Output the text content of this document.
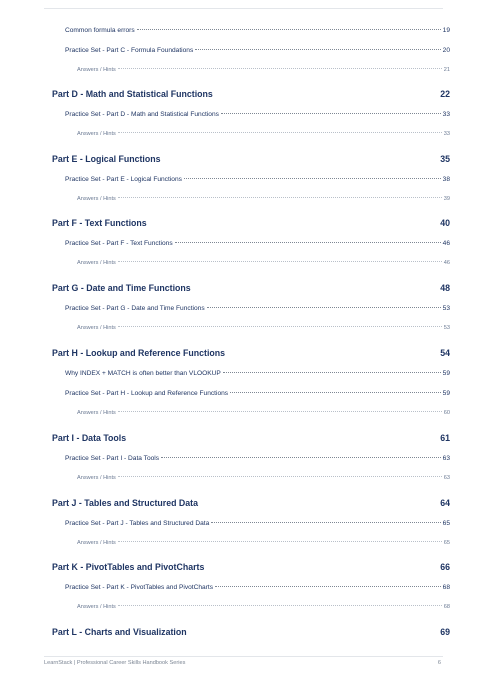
Common formula errors	19
Practice Set - Part C - Formula Foundations	20
Answers / Hints	21
Part D - Math and Statistical Functions	22
Practice Set - Part D - Math and Statistical Functions	33
Answers / Hints	33
Part E - Logical Functions	35
Practice Set - Part E - Logical Functions	38
Answers / Hints	39
Part F - Text Functions	40
Practice Set - Part F - Text Functions	46
Answers / Hints	46
Part G - Date and Time Functions	48
Practice Set - Part G - Date and Time Functions	53
Answers / Hints	53
Part H - Lookup and Reference Functions	54
Why INDEX + MATCH is often better than VLOOKUP	59
Practice Set - Part H - Lookup and Reference Functions	59
Answers / Hints	60
Part I - Data Tools	61
Practice Set - Part I - Data Tools	63
Answers / Hints	63
Part J - Tables and Structured Data	64
Practice Set - Part J - Tables and Structured Data	65
Answers / Hints	65
Part K - PivotTables and PivotCharts	66
Practice Set - Part K - PivotTables and PivotCharts	68
Answers / Hints	68
Part L - Charts and Visualization	69
LearnStack | Professional Career Skills Handbook Series	6
